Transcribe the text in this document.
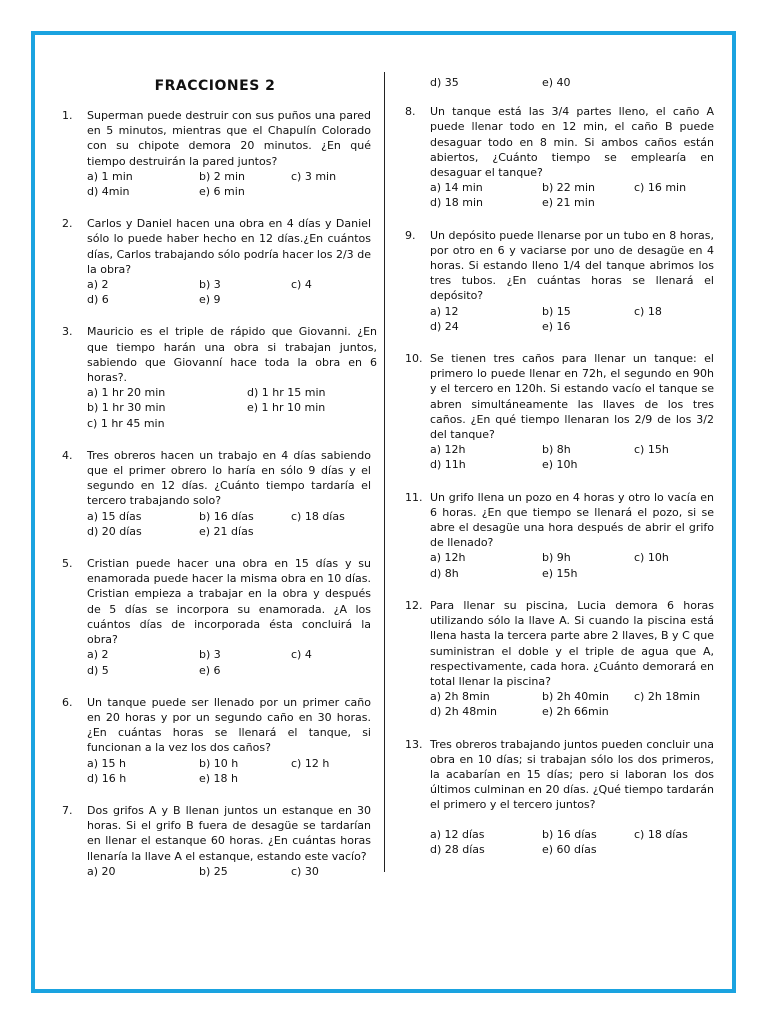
FRACCIONES 2
1.	Superman puede destruir con sus puños una pared en 5 minutos, mientras que el Chapulín Colorado con su chipote demora 20 minutos. ¿En qué tiempo destruirán la pared juntos?

a) 1 min	b) 2 min	c) 3 min
d) 4min	e) 6 min
2.	Carlos y Daniel hacen una obra en 4 días y Daniel sólo lo puede haber hecho en 12 días.¿En cuántos días, Carlos trabajando sólo podría hacer los 2/3 de la obra?

a) 2	b) 3	c) 4
d) 6	e) 9
3.	Mauricio es el triple de rápido que Giovanni. ¿En que tiempo harán una obra si trabajan juntos, sabiendo que Giovanní hace toda la obra en 6 horas?.

a) 1 hr 20 min	d) 1 hr 15 min
b) 1 hr 30 min	e) 1 hr 10 min
c) 1 hr 45 min
4.	Tres obreros hacen un trabajo en 4 días sabiendo que el primer obrero lo haría en sólo 9 días y el segundo en 12 días. ¿Cuánto tiempo tardaría el tercero trabajando solo?

a) 15 días	b) 16 días	c) 18 días
d) 20 días	e) 21 días
5.	Cristian puede hacer una obra en 15 días y su enamorada puede hacer la misma obra en 10 días. Cristian empieza a trabajar en la obra y después de 5 días se incorpora su enamorada. ¿A los cuántos días de incorporada ésta concluirá la obra?

a) 2	b) 3	c) 4
d) 5	e) 6
6.	Un tanque puede ser llenado por un primer caño en 20 horas y por un segundo caño en 30 horas. ¿En cuántas horas se llenará el tanque, si funcionan a la vez los dos caños?

a) 15 h	b) 10 h	c) 12 h
d) 16 h	e) 18 h
7.	Dos grifos A y B llenan juntos un estanque en 30 horas. Si el grifo B fuera de desagüe se tardarían en llenar el estanque 60 horas. ¿En cuántas horas llenaría la llave A el estanque, estando este vacío?

a) 20	b) 25	c) 30
d) 35	e) 40
8.	Un tanque está las 3/4 partes lleno, el caño A puede llenar todo en 12 min, el caño B puede desaguar todo en 8 min. Si ambos caños están abiertos, ¿Cuánto tiempo se emplearía en desaguar el tanque?

a) 14 min	b) 22 min	c) 16 min
d) 18 min	e) 21 min
9.	Un depósito puede llenarse por un tubo en 8 horas, por otro en 6 y vaciarse por uno de desagüe en 4 horas. Si estando lleno 1/4 del tanque abrimos los tres tubos. ¿En cuántas horas se llenará el depósito?

a) 12	b) 15	c) 18
d) 24	e) 16
10. Se tienen tres caños para llenar un tanque: el primero lo puede llenar en 72h, el segundo en 90h y el tercero en 120h. Si estando vacío el tanque se abren simultáneamente las llaves de los tres caños. ¿En qué tiempo llenaran los 2/9 de los 3/2 del tanque?

a) 12h	b) 8h	c) 15h
d) 11h	e) 10h
11. Un grifo llena un pozo en 4 horas y otro lo vacía en 6 horas. ¿En que tiempo se llenará el pozo, si se abre el desagüe una hora después de abrir el grifo de llenado?

a) 12h	b) 9h	c) 10h
d) 8h	e) 15h
12. Para llenar su piscina, Lucia demora 6 horas utilizando sólo la llave A. Si cuando la piscina está llena hasta la tercera parte abre 2 llaves, B y C que suministran el doble y el triple de agua que A, respectivamente, cada hora. ¿Cuánto demorará en total llenar la piscina?

a) 2h 8min	b) 2h 40min	c) 2h 18min
d) 2h 48min	e) 2h 66min
13. Tres obreros trabajando juntos pueden concluir una obra en 10 días; si trabajan sólo los dos primeros, la acabarían en 15 días; pero si laboran los dos últimos culminan en 20 días. ¿Qué tiempo tardarán el primero y el tercero juntos?

a) 12 días	b) 16 días	c) 18 días
d) 28 días	e) 60 días
